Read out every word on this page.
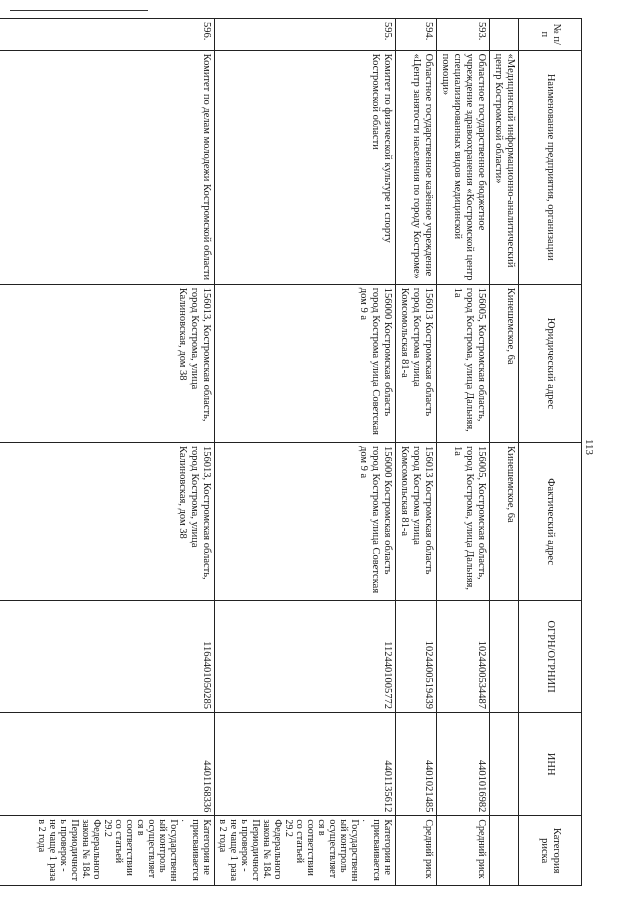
113
№ п/п	Наименование предприятия, организации	Юридический адрес	Фактический адрес	ОГРН/ОГРНИП	ИНН	Категория риска
	«Медицинский информационно-аналитический центр Костромской области»	Кинешемское, 6а	Кинешемское, 6а			
593.	Областное государственное бюджетное учреждение здравоохранения «Костромской центр специализированных видов медицинской помощи»	156005, Костромская область, город Кострома, улица Дальняя, 1а	156005, Костромская область, город Кострома, улица Дальняя, 1а	1024400534487	4401016982	Средний риск
594.	Областное государственное казённое учреждение «Центр занятости населения по городу Костроме»	156013 Костромская область город Кострома улица Комсомольская 81-а	156013 Костромская область город Кострома улица Комсомольская 81-а	1024400519439	4401021485	Средний риск
595.	Комитет по физической культуре и спорту Костромской области	156000 Костромская область город Кострома улица Советская дом 9 а	156000 Костромская область город Кострома улица Советская дом 9 а	1124401005772	4401135612	Категория не присваивается. Государственный контроль осуществляется в соответствии со статьей 29.2 Федерального закона № 184. Периодичность проверок - не чаще 1 раза в 2 года
596.	Комитет по делам молодежи Костромской области	156013, Костромская область, город Кострома, улица Калиновская, дом 38	156013, Костромская область, город Кострома, улица Калиновская, дом 38	1164401050285	4401168336	Категория не присваивается. Государственный контроль осуществляется в соответствии со статьей 29.2 Федерального закона № 184. Периодичность проверок - не чаще 1 раза в 2 года
